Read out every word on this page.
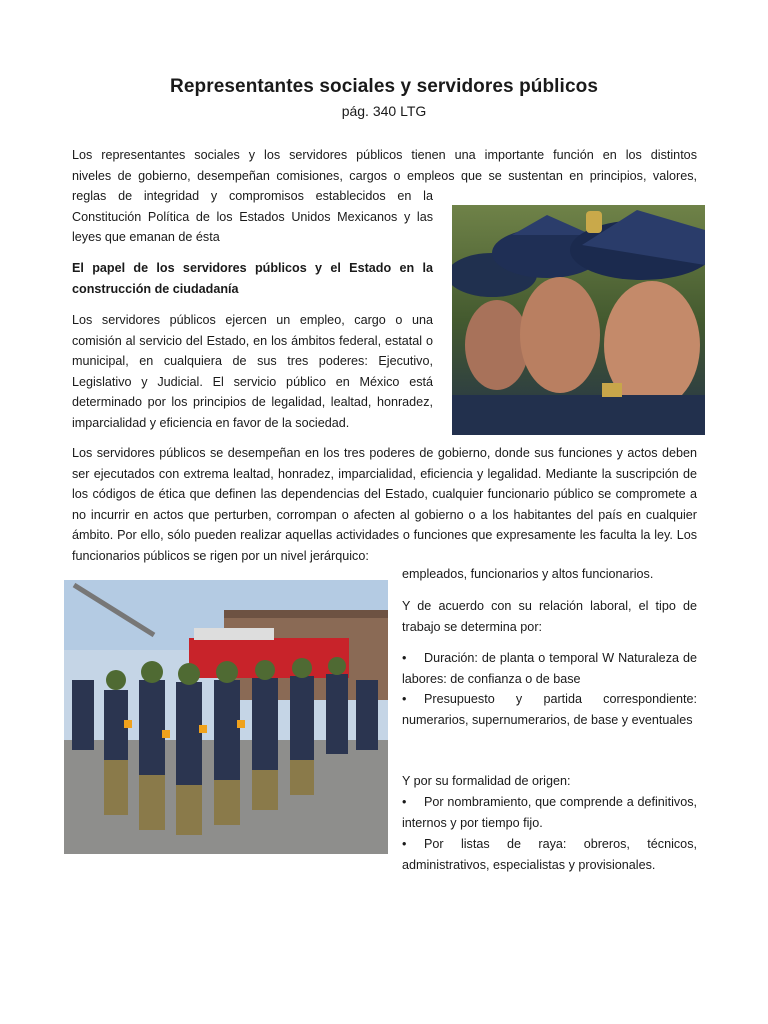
Representantes sociales y servidores públicos
pág. 340 LTG
Los representantes sociales y los servidores públicos tienen una importante función en los distintos
niveles de gobierno, desempeñan comisiones, cargos o empleos que se sustentan en principios, valores,
reglas de integridad y compromisos establecidos en la Constitución Política de los Estados Unidos Mexicanos y las leyes que emanan de ésta
El papel de los servidores públicos y el Estado en la construcción de ciudadanía
Los servidores públicos ejercen un empleo, cargo o una comisión al servicio del Estado, en los ámbitos federal, estatal o municipal, en cualquiera de sus tres poderes: Ejecutivo, Legislativo y Judicial. El servicio público en México está determinado por los principios de legalidad, lealtad, honradez, imparcialidad y eficiencia en favor de la sociedad.
Los servidores públicos se desempeñan en los tres poderes de gobierno, donde sus funciones y actos deben ser ejecutados con extrema lealtad, honradez, imparcialidad, eficiencia y legalidad. Mediante la suscripción de los códigos de ética que definen las dependencias del Estado, cualquier funcionario público se compromete a no incurrir en actos que perturben, corrompan o afecten al gobierno o a los habitantes del país en cualquier ámbito. Por ello, sólo pueden realizar aquellas actividades o funciones que expresamente les faculta la ley. Los funcionarios públicos se rigen por un nivel jerárquico:
empleados, funcionarios y altos funcionarios.
Y de acuerdo con su relación laboral, el tipo de trabajo se determina por:
• Duración: de planta o temporal W Naturaleza de labores: de confianza o de base
• Presupuesto y partida correspondiente: numerarios, supernumerarios, de base y eventuales
Y por su formalidad de origen:
• Por nombramiento, que comprende a definitivos, internos y por tiempo fijo.
• Por listas de raya: obreros, técnicos, administrativos, especialistas y provisionales.
